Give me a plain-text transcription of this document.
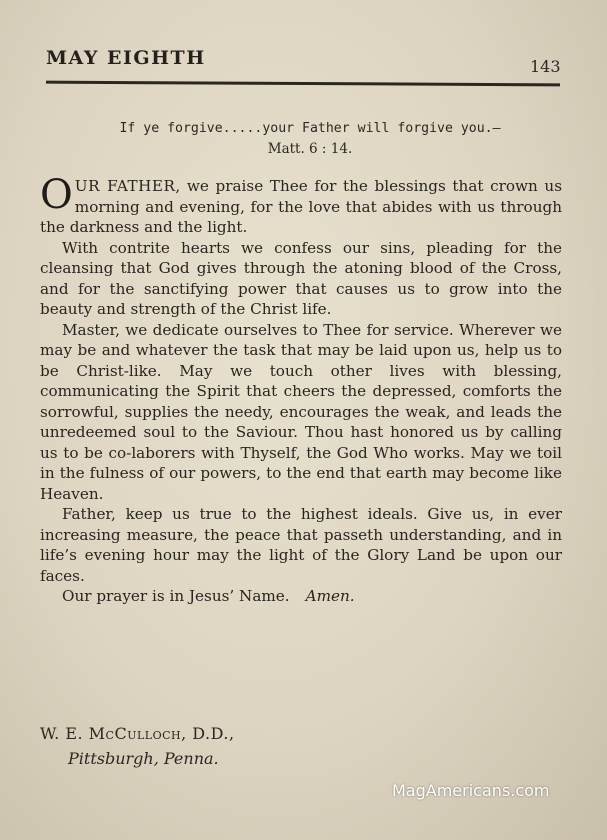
MAY EIGHTH	143
If ye forgive.....your Father will forgive you.—
Matt. 6 : 14.

OUR FATHER, we praise Thee for the blessings that crown us morning and evening, for the love that abides with us through the darkness and the light.

With contrite hearts we confess our sins, pleading for the cleansing that God gives through the atoning blood of the Cross, and for the sanctifying power that causes us to grow into the beauty and strength of the Christ life.

Master, we dedicate ourselves to Thee for service. Wherever we may be and whatever the task that may be laid upon us, help us to be Christ-like. May we touch other lives with blessing, communicating the Spirit that cheers the depressed, comforts the sorrowful, supplies the needy, encourages the weak, and leads the unredeemed soul to the Saviour. Thou hast honored us by calling us to be co-laborers with Thyself, the God Who works. May we toil in the fulness of our powers, to the end that earth may become like Heaven.

Father, keep us true to the highest ideals. Give us, in ever increasing measure, the peace that passeth understanding, and in life’s evening hour may the light of the Glory Land be upon our faces.

Our prayer is in Jesus’ Name. Amen.

W. E. McCulloch, D.D.,
Pittsburgh, Penna.
MagAmericans.com
